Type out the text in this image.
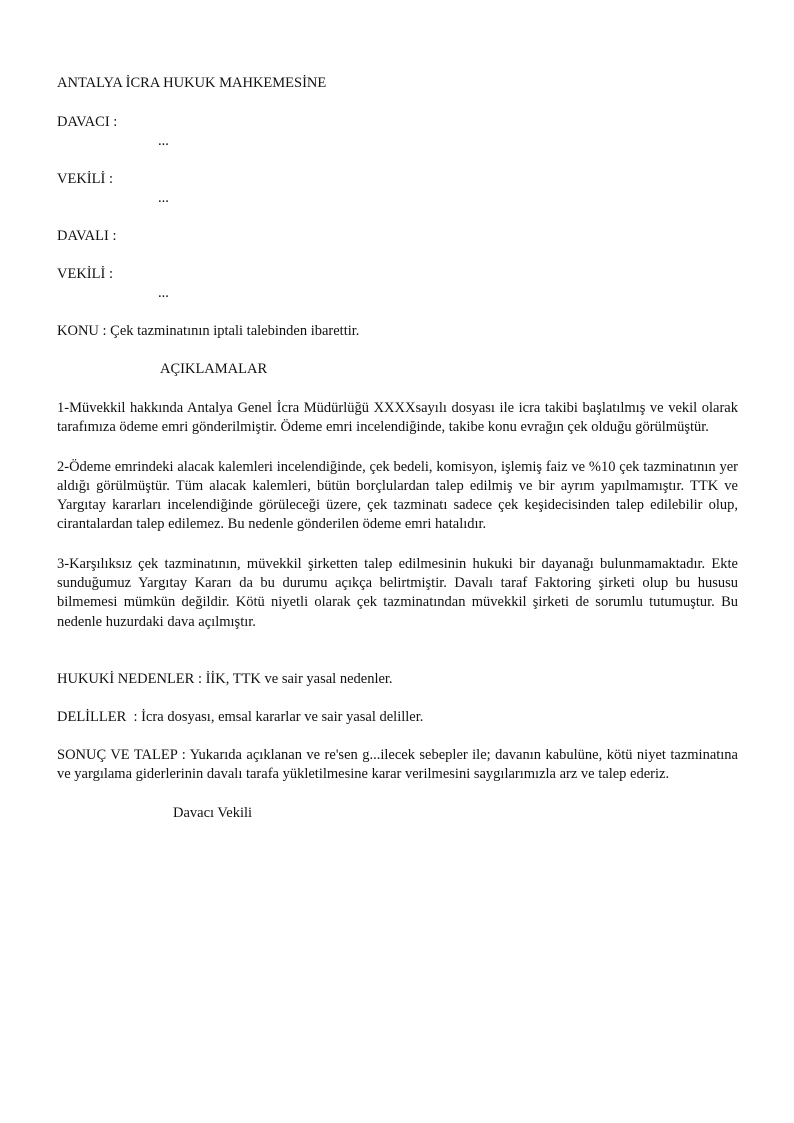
ANTALYA İCRA HUKUK MAHKEMESİNE
DAVACI :
...
VEKİLİ :
...
DAVALI :
VEKİLİ :
...
KONU : Çek tazminatının iptali talebinden ibarettir.
AÇIKLAMALAR

1-Müvekkil hakkında Antalya Genel İcra Müdürlüğü XXXXsayılı dosyası ile icra takibi başlatılmış ve vekil olarak tarafımıza ödeme emri gönderilmiştir. Ödeme emri incelendiğinde, takibe konu evrağın çek olduğu görülmüştür.

2-Ödeme emrindeki alacak kalemleri incelendiğinde, çek bedeli, komisyon, işlemiş faiz ve %10 çek tazminatının yer aldığı görülmüştür. Tüm alacak kalemleri, bütün borçlulardan talep edilmiş ve bir ayrım yapılmamıştır. TTK ve Yargıtay kararları incelendiğinde görüleceği üzere, çek tazminatı sadece çek keşidecisinden talep edilebilir olup, cirantalardan talep edilemez. Bu nedenle gönderilen ödeme emri hatalıdır.

3-Karşılıksız çek tazminatının, müvekkil şirketten talep edilmesinin hukuki bir dayanağı bulunmamaktadır. Ekte sunduğumuz Yargıtay Kararı da bu durumu açıkça belirtmiştir. Davalı taraf Faktoring şirketi olup bu hususu bilmemesi mümkün değildir. Kötü niyetli olarak çek tazminatından müvekkil şirketi de sorumlu tutumuştur. Bu nedenle huzurdaki dava açılmıştır.

HUKUKİ NEDENLER : İİK, TTK ve sair yasal nedenler.
DELİLLER  : İcra dosyası, emsal kararlar ve sair yasal deliller.

SONUÇ VE TALEP : Yukarıda açıklanan ve re'sen g...ilecek sebepler ile; davanın kabulüne, kötü niyet tazminatına ve yargılama giderlerinin davalı tarafa yükletilmesine karar verilmesini saygılarımızla arz ve talep ederiz.

Davacı Vekili
